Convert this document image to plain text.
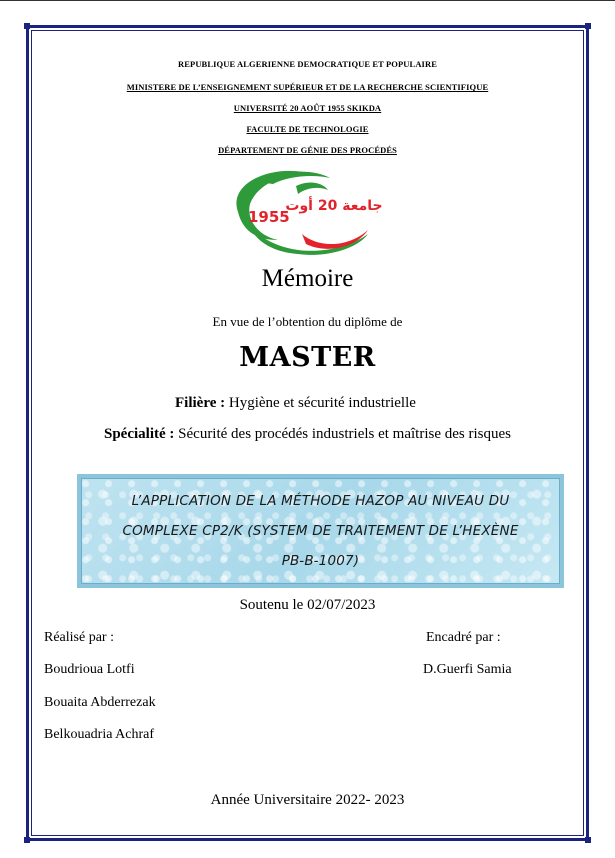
REPUBLIQUE ALGERIENNE DEMOCRATIQUE ET POPULAIRE
MINISTERE DE L’ENSEIGNEMENT SUPÉRIEUR ET DE LA RECHERCHE SCIENTIFIQUE
UNIVERSITÉ 20 AOÛT 1955 SKIKDA
FACULTE DE TECHNOLOGIE
DÉPARTEMENT DE GÉNIE DES PROCÉDÉS
1955
جامعة 20 أوت
Mémoire
En vue de l’obtention du diplôme de
MASTER
Filière : Hygiène et sécurité industrielle
Spécialité : Sécurité des procédés industriels et maîtrise des risques
L’APPLICATION DE LA MÉTHODE HAZOP AU NIVEAU DU
COMPLEXE CP2/K (SYSTEM DE TRAITEMENT DE L’HEXÈNE
PB-B-1007)
Soutenu le 02/07/2023
Réalisé par :
Boudrioua Lotfi
Bouaita Abderrezak
Belkouadria Achraf
Encadré par :
D.Guerfi Samia
Année Universitaire 2022- 2023
